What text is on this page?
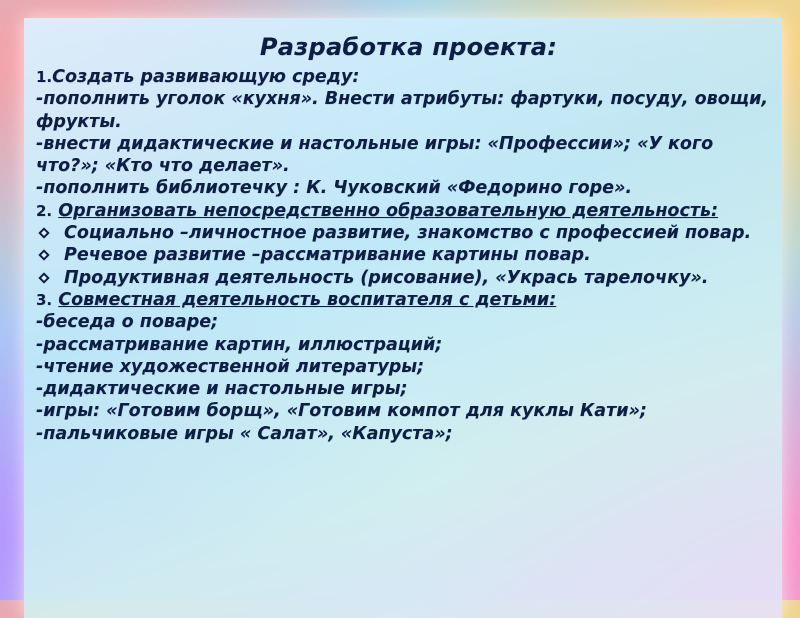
Разработка проекта:

1.Создать развивающую среду:

-пополнить уголок «кухня». Внести атрибуты: фартуки, посуду, овощи, фрукты.

-внести дидактические и настольные игры: «Профессии»; «У кого что?»; «Кто что делает».

-пополнить библиотечку : К. Чуковский «Федорино горе».

2. Организовать непосредственно образовательную деятельность:

Социально –личностное развитие, знакомство с профессией повар.
Речевое развитие –рассматривание картины повар.
Продуктивная деятельность (рисование), «Укрась тарелочку».

3. Совместная деятельность воспитателя с детьми:

-беседа о поваре;

-рассматривание картин, иллюстраций;

-чтение художественной литературы;

-дидактические и настольные игры;

-игры: «Готовим борщ», «Готовим компот для куклы Кати»;

-пальчиковые игры « Салат», «Капуста»;
